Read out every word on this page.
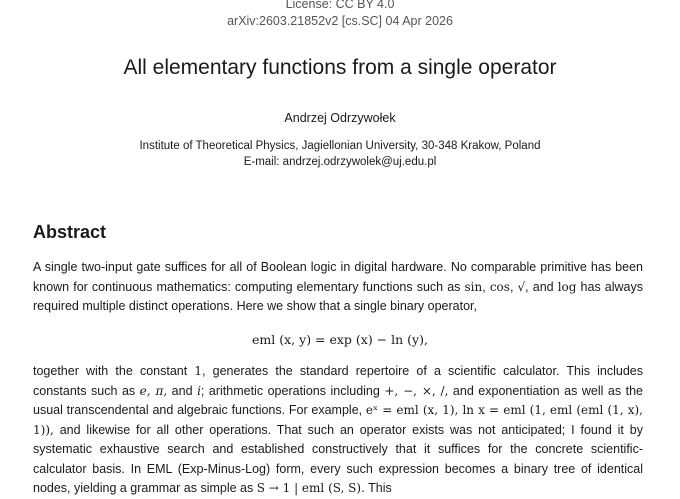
License: CC BY 4.0
arXiv:2603.21852v2 [cs.SC] 04 Apr 2026
All elementary functions from a single operator
Andrzej Odrzywołek
Institute of Theoretical Physics, Jagiellonian University, 30-348 Krakow, Poland
E-mail: andrzej.odrzywolek@uj.edu.pl
Abstract

A single two-input gate suffices for all of Boolean logic in digital hardware. No comparable primitive has been known for continuous mathematics: computing elementary functions such as sin, cos, √, and log has always required multiple distinct operations. Here we show that a single binary operator,

eml (x, y) = exp (x) − ln (y),

together with the constant 1, generates the standard repertoire of a scientific calculator. This includes constants such as e, π, and i; arithmetic operations including +, −, ×, /, and exponentiation as well as the usual transcendental and algebraic functions. For example, eˣ = eml (x, 1), ln x = eml (1, eml (eml (1, x), 1)), and likewise for all other operations. That such an operator exists was not anticipated; I found it by systematic exhaustive search and established constructively that it suffices for the concrete scientific-calculator basis. In EML (Exp-Minus-Log) form, every such expression becomes a binary tree of identical nodes, yielding a grammar as simple as S → 1 | eml (S, S). This
